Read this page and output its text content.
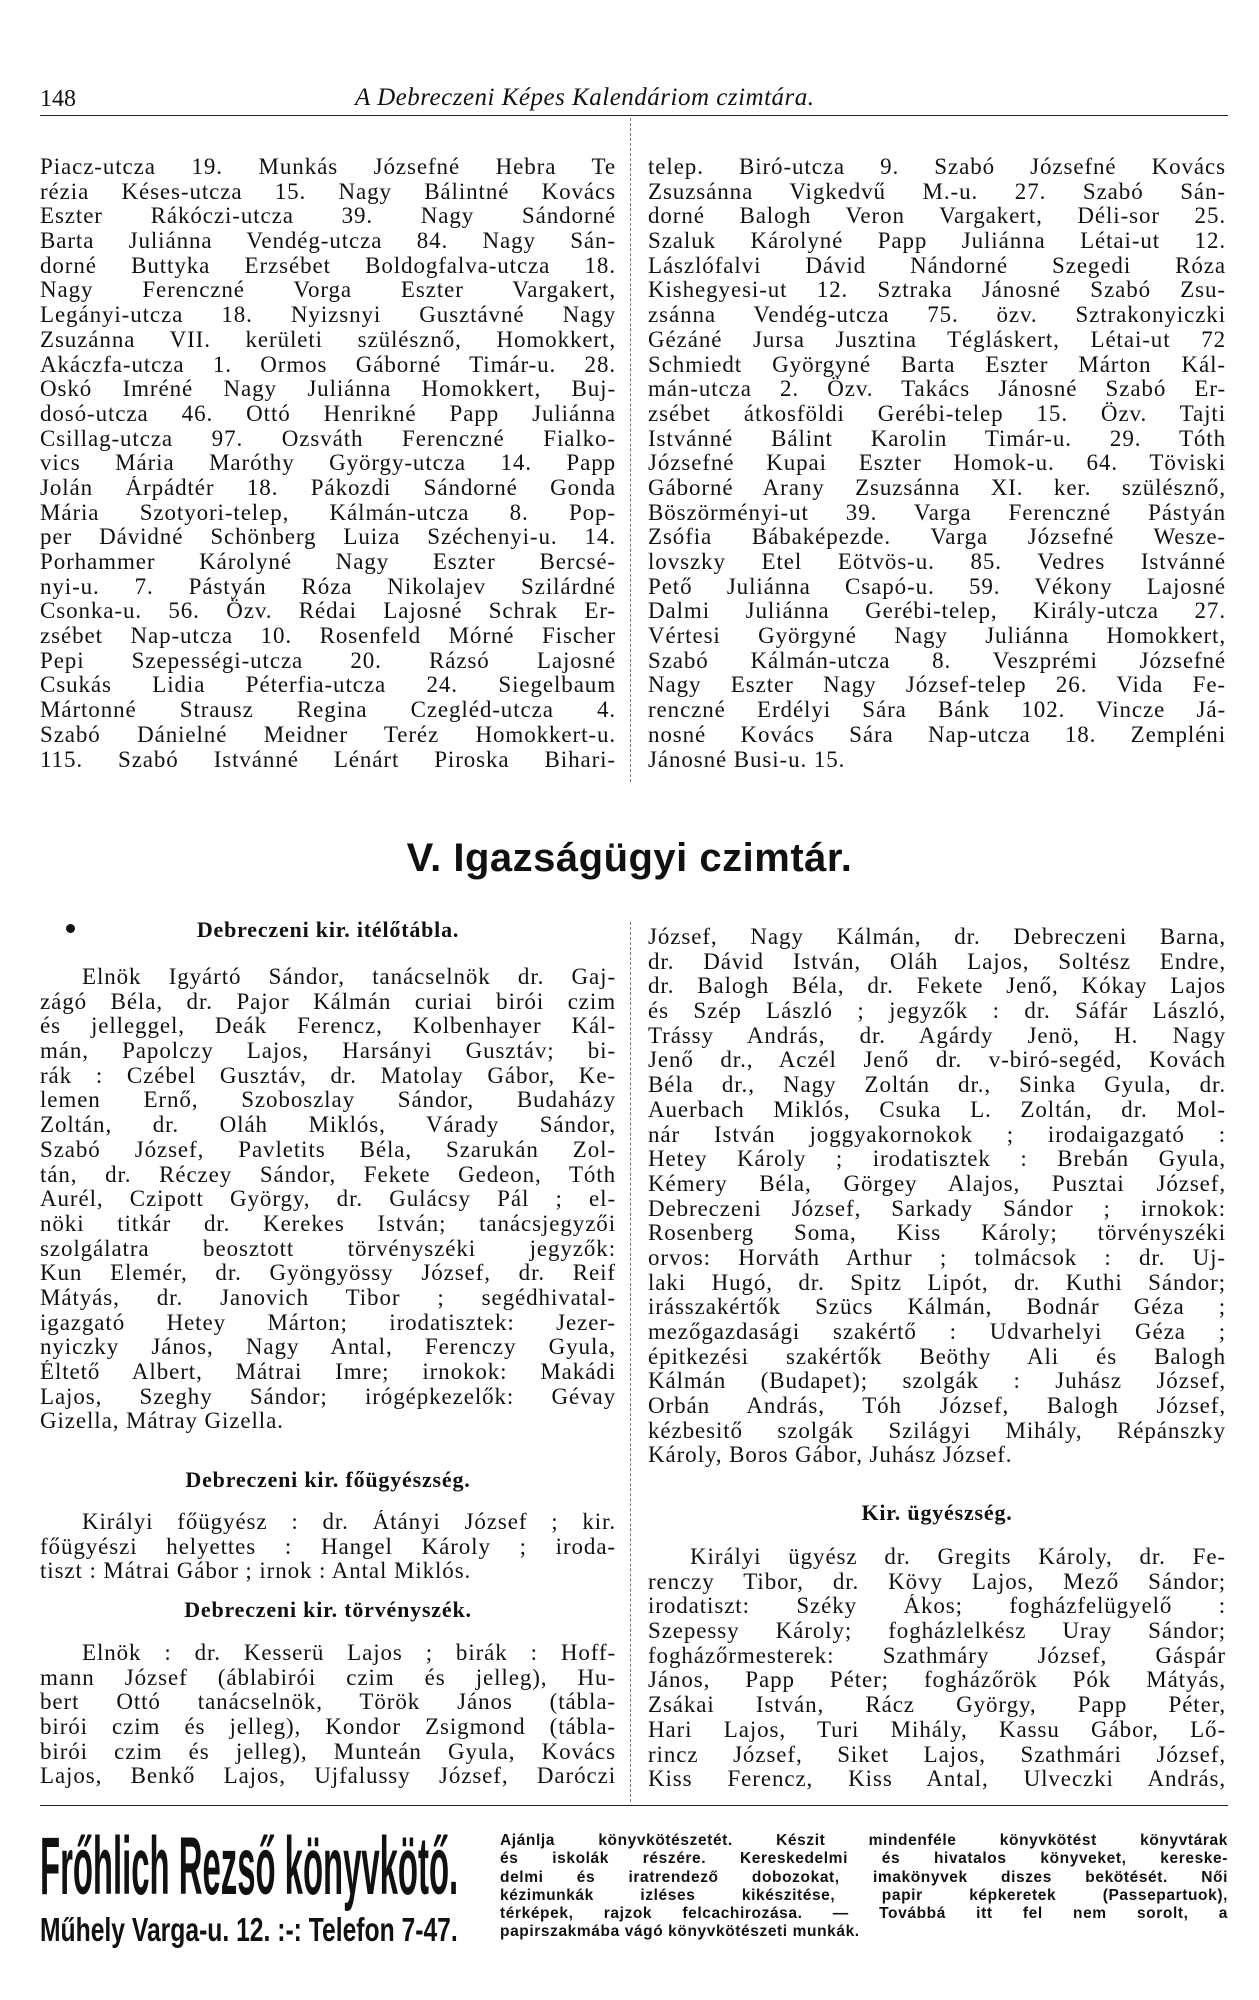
148	A Debreczeni Képes Kalendáriom czimtára.
Piacz-utcza 19. Munkás Józsefné Hebra Te
rézia Késes-utcza 15. Nagy Bálintné Kovács
Eszter Rákóczi-utcza 39. Nagy Sándorné
Barta Juliánna Vendég-utcza 84. Nagy Sán-
dorné Buttyka Erzsébet Boldogfalva-utcza 18.
Nagy Ferenczné Vorga Eszter Vargakert,
Legányi-utcza 18. Nyizsnyi Gusztávné Nagy
Zsuzánna VII. kerületi szülésznő, Homokkert,
Akáczfa-utcza 1. Ormos Gáborné Timár-u. 28.
Oskó Imréné Nagy Juliánna Homokkert, Buj-
dosó-utcza 46. Ottó Henrikné Papp Juliánna
Csillag-utcza 97. Ozsváth Ferenczné Fialko-
vics Mária Maróthy György-utcza 14. Papp
Jolán Árpádtér 18. Pákozdi Sándorné Gonda
Mária Szotyori-telep, Kálmán-utcza 8. Pop-
per Dávidné Schönberg Luiza Széchenyi-u. 14.
Porhammer Károlyné Nagy Eszter Bercsé-
nyi-u. 7. Pástyán Róza Nikolajev Szilárdné
Csonka-u. 56. Özv. Rédai Lajosné Schrak Er-
zsébet Nap-utcza 10. Rosenfeld Mórné Fischer
Pepi Szepességi-utcza 20. Rázsó Lajosné
Csukás Lidia Péterfia-utcza 24. Siegelbaum
Mártonné Strausz Regina Czegléd-utcza 4.
Szabó Dánielné Meidner Teréz Homokkert-u.
115. Szabó Istvánné Lénárt Piroska Bihari-
telep. Biró-utcza 9. Szabó Józsefné Kovács
Zsuzsánna Vigkedvű M.-u. 27. Szabó Sán-
dorné Balogh Veron Vargakert, Déli-sor 25.
Szaluk Károlyné Papp Juliánna Létai-ut 12.
Lászlófalvi Dávid Nándorné Szegedi Róza
Kishegyesi-ut 12. Sztraka Jánosné Szabó Zsu-
zsánna Vendég-utcza 75. özv. Sztrakonyiczki
Gézáné Jursa Jusztina Tégláskert, Létai-ut 72
Schmiedt Györgyné Barta Eszter Márton Kál-
mán-utcza 2. Özv. Takács Jánosné Szabó Er-
zsébet átkosföldi Gerébi-telep 15. Özv. Tajti
Istvánné Bálint Karolin Timár-u. 29. Tóth
Józsefné Kupai Eszter Homok-u. 64. Töviski
Gáborné Arany Zsuzsánna XI. ker. szülésznő,
Böszörményi-ut 39. Varga Ferenczné Pástyán
Zsófia Bábaképezde. Varga Józsefné Wesze-
lovszky Etel Eötvös-u. 85. Vedres Istvánné
Pető Juliánna Csapó-u. 59. Vékony Lajosné
Dalmi Juliánna Gerébi-telep, Király-utcza 27.
Vértesi Györgyné Nagy Juliánna Homokkert,
Szabó Kálmán-utcza 8. Veszprémi Józsefné
Nagy Eszter Nagy József-telep 26. Vida Fe-
renczné Erdélyi Sára Bánk 102. Vincze Já-
nosné Kovács Sára Nap-utcza 18. Zempléni
Jánosné Busi-u. 15.
V. Igazságügyi czimtár.
Debreczeni kir. itélőtábla.
Elnök Igyártó Sándor, tanácselnök dr. Gaj-
zágó Béla, dr. Pajor Kálmán curiai birói czim
és jelleggel, Deák Ferencz, Kolbenhayer Kál-
mán, Papolczy Lajos, Harsányi Gusztáv; bi-
rák : Czébel Gusztáv, dr. Matolay Gábor, Ke-
lemen Ernő, Szoboszlay Sándor, Budaházy
Zoltán, dr. Oláh Miklós, Várady Sándor,
Szabó József, Pavletits Béla, Szarukán Zol-
tán, dr. Réczey Sándor, Fekete Gedeon, Tóth
Aurél, Czipott György, dr. Gulácsy Pál ; el-
nöki titkár dr. Kerekes István; tanácsjegyzői
szolgálatra beosztott törvényszéki jegyzők:
Kun Elemér, dr. Gyöngyössy József, dr. Reif
Mátyás, dr. Janovich Tibor ; segédhivatal-
igazgató Hetey Márton; irodatisztek: Jezer-
nyiczky János, Nagy Antal, Ferenczy Gyula,
Éltető Albert, Mátrai Imre; irnokok: Makádi
Lajos, Szeghy Sándor; irógépkezelők: Gévay
Gizella, Mátray Gizella.
Debreczeni kir. főügyészség.
Királyi főügyész : dr. Átányi József ; kir.
főügyészi helyettes : Hangel Károly ; iroda-
tiszt : Mátrai Gábor ; irnok : Antal Miklós.
Debreczeni kir. törvényszék.
Elnök : dr. Kesserü Lajos ; birák : Hoff-
mann József (áblabirói czim és jelleg), Hu-
bert Ottó tanácselnök, Török János (tábla-
birói czim és jelleg), Kondor Zsigmond (tábla-
birói czim és jelleg), Munteán Gyula, Kovács
Lajos, Benkő Lajos, Ujfalussy József, Daróczi
József, Nagy Kálmán, dr. Debreczeni Barna,
dr. Dávid István, Oláh Lajos, Soltész Endre,
dr. Balogh Béla, dr. Fekete Jenő, Kókay Lajos
és Szép László ; jegyzők : dr. Sáfár László,
Trássy András, dr. Agárdy Jenö, H. Nagy
Jenő dr., Aczél Jenő dr. v-biró-segéd, Kovách
Béla dr., Nagy Zoltán dr., Sinka Gyula, dr.
Auerbach Miklós, Csuka L. Zoltán, dr. Mol-
nár István joggyakornokok ; irodaigazgató :
Hetey Károly ; irodatisztek : Brebán Gyula,
Kémery Béla, Görgey Alajos, Pusztai József,
Debreczeni József, Sarkady Sándor ; irnokok:
Rosenberg Soma, Kiss Károly; törvényszéki
orvos: Horváth Arthur ; tolmácsok : dr. Uj-
laki Hugó, dr. Spitz Lipót, dr. Kuthi Sándor;
irásszakértők Szücs Kálmán, Bodnár Géza ;
mezőgazdasági szakértő : Udvarhelyi Géza ;
épitkezési szakértők Beöthy Ali és Balogh
Kálmán (Budapet); szolgák : Juhász József,
Orbán András, Tóh József, Balogh József,
kézbesitő szolgák Szilágyi Mihály, Répánszky
Károly, Boros Gábor, Juhász József.
Kir. ügyészség.
Királyi ügyész dr. Gregits Károly, dr. Fe-
renczy Tibor, dr. Kövy Lajos, Mező Sándor;
irodatiszt: Széky Ákos; fogházfelügyelő :
Szepessy Károly; fogházlelkész Uray Sándor;
fogházőrmesterek: Szathmáry József, Gáspár
János, Papp Péter; fogházőrök Pók Mátyás,
Zsákai István, Rácz György, Papp Péter,
Hari Lajos, Turi Mihály, Kassu Gábor, Lő-
rincz József, Siket Lajos, Szathmári József,
Kiss Ferencz, Kiss Antal, Ulveczki András,
Frőhlich Rezső könyvkötő.
Műhely Varga-u. 12. :-: Telefon 7-47.
Ajánlja könyvkötészetét. Készit mindenféle könyvkötést könyvtárak
és iskolák részére. Kereskedelmi és hivatalos könyveket, kereske-
delmi és iratrendező dobozokat, imakönyvek diszes bekötését. Női
kézimunkák izléses kikészitése, papir képkeretek (Passepartuok),
térképek, rajzok felcachirozása. — Továbbá itt fel nem sorolt, a
papirszakmába vágó könyvkötészeti munkák.
